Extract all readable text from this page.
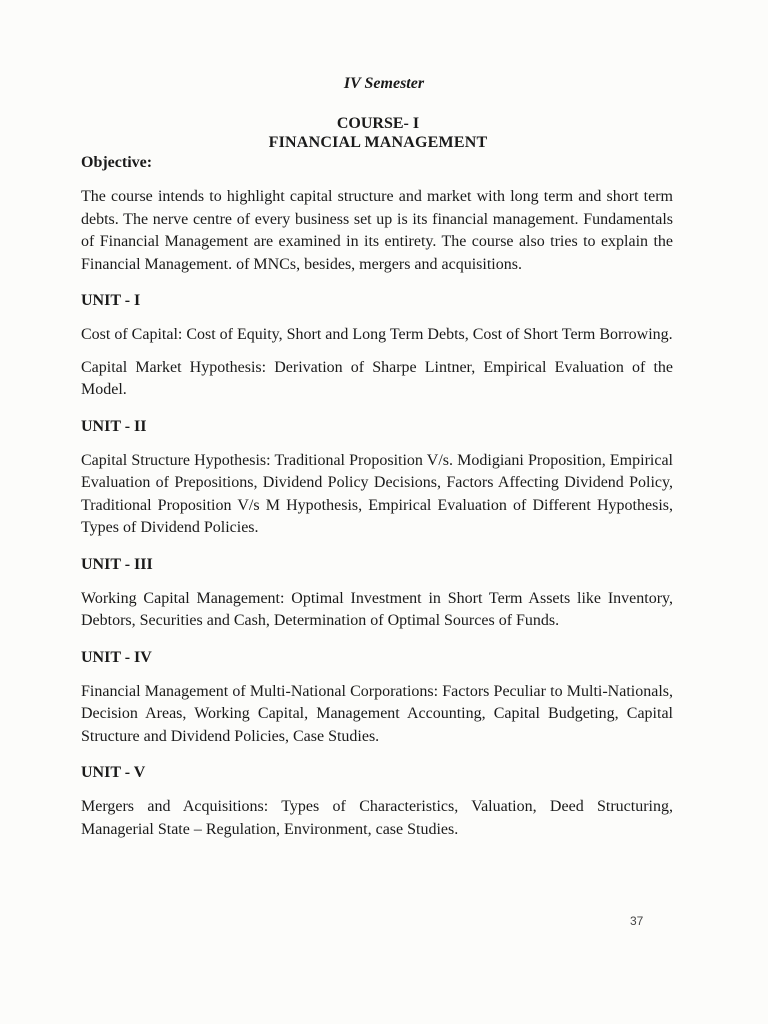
IV Semester
COURSE- I
FINANCIAL MANAGEMENT
Objective:

The course intends to highlight capital structure and market with long term and short term debts. The nerve centre of every business set up is its financial management. Fundamentals of Financial Management are examined in its entirety. The course also tries to explain the Financial Management. of MNCs, besides, mergers and acquisitions.

UNIT - I

Cost of Capital: Cost of Equity, Short and Long Term Debts, Cost of Short Term Borrowing.

Capital Market Hypothesis: Derivation of Sharpe Lintner, Empirical Evaluation of the Model.

UNIT - II

Capital Structure Hypothesis: Traditional Proposition V/s. Modigiani Proposition, Empirical Evaluation of Prepositions, Dividend Policy Decisions, Factors Affecting Dividend Policy, Traditional Proposition V/s M Hypothesis, Empirical Evaluation of Different Hypothesis, Types of Dividend Policies.

UNIT - III

Working Capital Management: Optimal Investment in Short Term Assets like Inventory, Debtors, Securities and Cash, Determination of Optimal Sources of Funds.

UNIT - IV

Financial Management of Multi-National Corporations: Factors Peculiar to Multi-Nationals, Decision Areas, Working Capital, Management Accounting, Capital Budgeting, Capital Structure and Dividend Policies, Case Studies.

UNIT - V

Mergers and Acquisitions: Types of Characteristics, Valuation, Deed Structuring, Managerial State – Regulation, Environment, case Studies.

37
